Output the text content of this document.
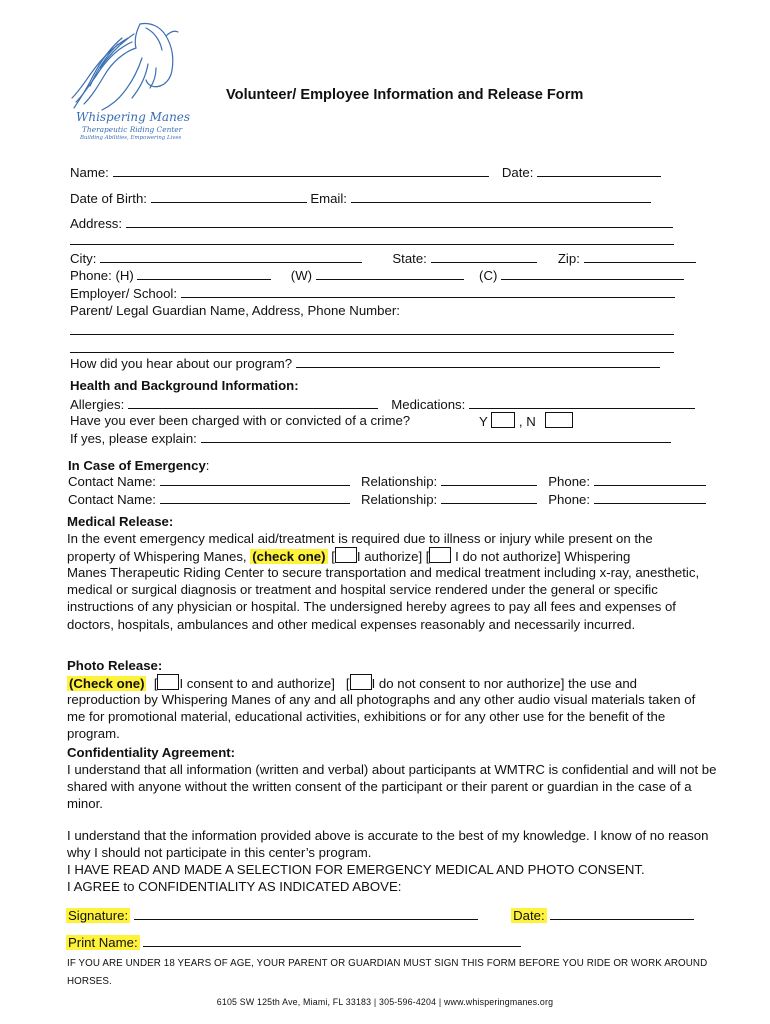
Whispering Manes
Therapeutic Riding Center
Building Abilities, Empowering Lives
Volunteer/ Employee Information and Release Form
Name:	Date:
Date of Birth:	Email:
Address:
City:	State:	Zip:
Phone: (H)	(W)	(C)
Employer/ School:
Parent/ Legal Guardian Name, Address, Phone Number:
How did you hear about our program?
Health and Background Information:
Allergies:	Medications:
Have you ever been charged with or convicted of a crime?	Y , N
If yes, please explain:
In Case of Emergency:
Contact Name:	Relationship:	Phone:
Contact Name:	Relationship:	Phone:
Medical Release:
In the event emergency medical aid/treatment is required due to illness or injury while present on the
property of Whispering Manes, (check one) [ I authorize] [ I do not authorize] Whispering
Manes Therapeutic Riding Center to secure transportation and medical treatment including x-ray, anesthetic, medical or surgical diagnosis or treatment and hospital service rendered under the general or specific instructions of any physician or hospital. The undersigned hereby agrees to pay all fees and expenses of doctors, hospitals, ambulances and other medical expenses reasonably and necessarily incurred.
Photo Release:
(Check one)  [ I consent to and authorize]   [ I do not consent to nor authorize] the use and
reproduction by Whispering Manes of any and all photographs and any other audio visual materials taken of me for promotional material, educational activities, exhibitions or for any other use for the benefit of the program.
Confidentiality Agreement:
I understand that all information (written and verbal) about participants at WMTRC is confidential and will not be shared with anyone without the written consent of the participant or their parent or guardian in the case of a minor.
I understand that the information provided above is accurate to the best of my knowledge. I know of no reason why I should not participate in this center’s program.
I HAVE READ AND MADE A SELECTION FOR EMERGENCY MEDICAL AND PHOTO CONSENT.
I AGREE to CONFIDENTIALITY AS INDICATED ABOVE:
Signature:	Date:
Print Name:
IF YOU ARE UNDER 18 YEARS OF AGE, YOUR PARENT OR GUARDIAN MUST SIGN THIS FORM BEFORE YOU RIDE OR WORK AROUND HORSES.
6105 SW 125th Ave, Miami, FL 33183 | 305-596-4204 | www.whisperingmanes.org
